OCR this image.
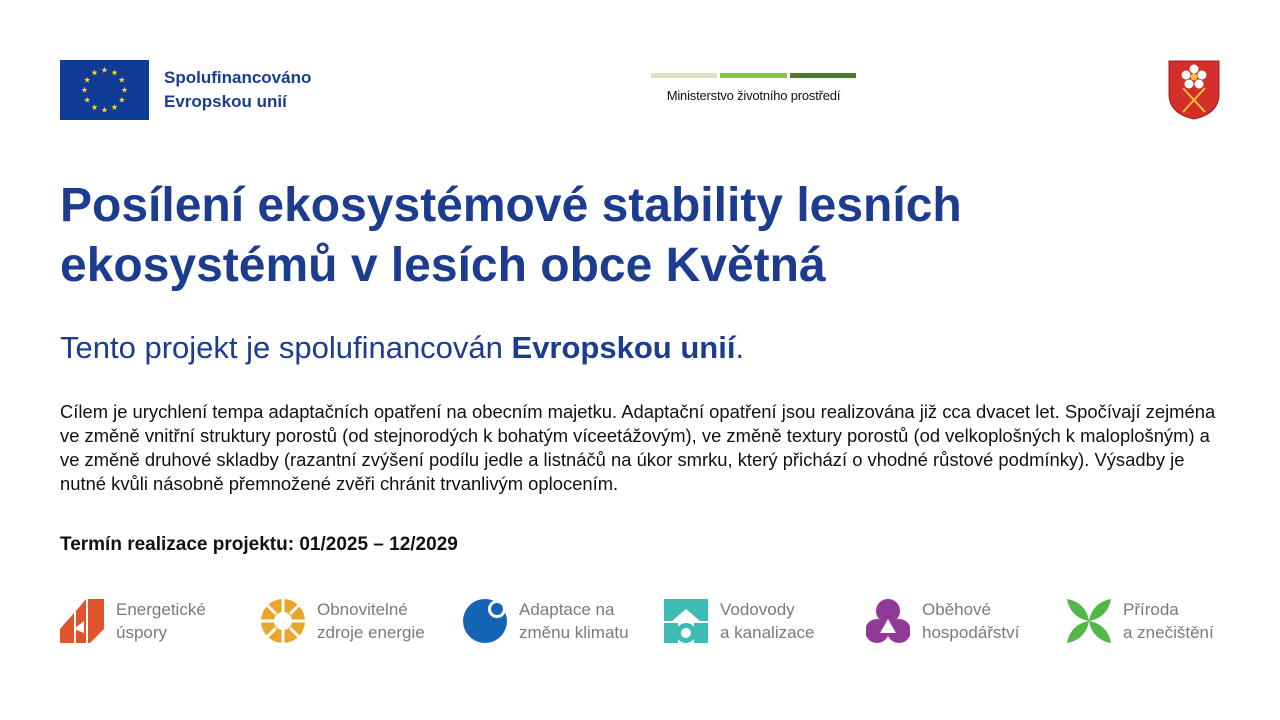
Spolufinancováno
Evropskou unií	Ministerstvo životního prostředí
Posílení ekosystémové stability lesních ekosystémů v lesích obce Květná

Tento projekt je spolufinancován Evropskou unií.

Cílem je urychlení tempa adaptačních opatření na obecním majetku. Adaptační opatření jsou realizována již cca dvacet let. Spočívají zejména ve změně vnitřní struktury porostů (od stejnorodých k bohatým víceetážovým), ve změně textury porostů (od velkoplošných k maloplošným) a ve změně druhové skladby (razantní zvýšení podílu jedle a listnáčů na úkor smrku, který přichází o vhodné růstové podmínky). Výsadby je nutné kvůli násobně přemnožené zvěři chránit trvanlivým oplocením.

Termín realizace projektu: 01/2025 – 12/2029

Energetické
úspory
Obnovitelné
zdroje energie
Adaptace na
změnu klimatu
Vodovody
a kanalizace
Oběhové
hospodářství
Příroda
a znečištění
